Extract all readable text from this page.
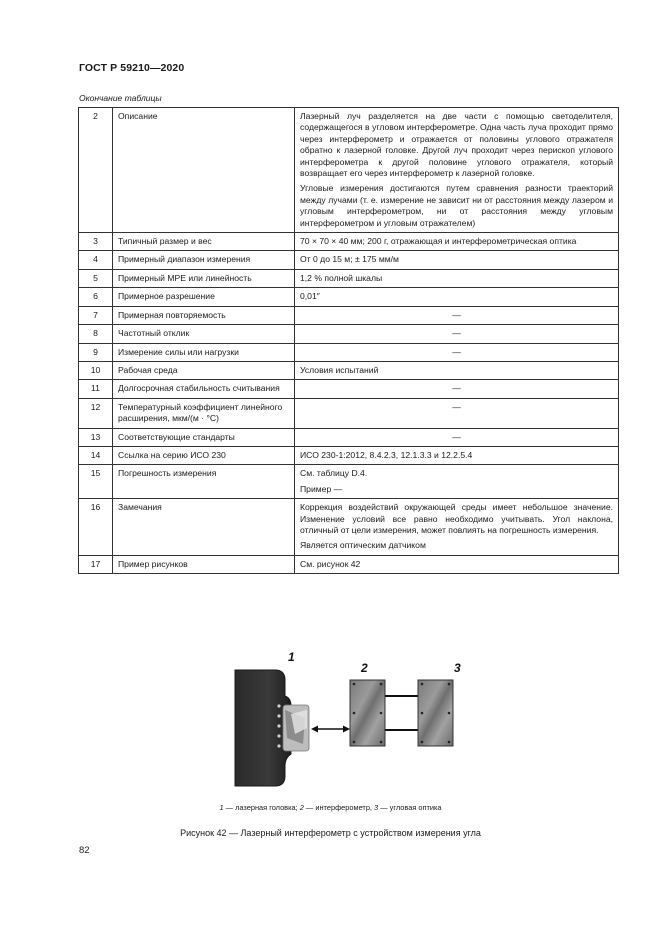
ГОСТ Р 59210—2020
Окончание таблицы
2	Описание	Лазерный луч разделяется на две части с помощью светоделителя, содержащегося в угловом интерферометре. Одна часть луча проходит прямо через интерферометр и отражается от половины углового отражателя обратно к лазерной головке. Другой луч проходит через перископ углового интерферометра к другой половине углового отражателя, который возвращает его через интерферометр к лазерной головке.

Угловые измерения достигаются путем сравнения разности траекторий между лучами (т. е. измерение не зависит ни от расстояния между лазером и угловым интерферометром, ни от расстояния между угловым интерферометром и угловым отражателем)

3	Типичный размер и вес	70 × 70 × 40 мм; 200 г, отражающая и интерферометрическая оптика
4	Примерный диапазон измерения	От 0 до 15 м; ± 175 мм/м
5	Примерный MPE или линейность	1,2 % полной шкалы
6	Примерное разрешение	0,01″
7	Примерная повторяемость	—
8	Частотный отклик	—
9	Измерение силы или нагрузки	—
10	Рабочая среда	Условия испытаний
11	Долгосрочная стабильность считывания	—
12	Температурный коэффициент линейного расширения, мкм/(м · °С)	—
13	Соответствующие стандарты	—
14	Ссылка на серию ИСО 230	ИСО 230-1:2012, 8.4.2.3, 12.1.3.3 и 12.2.5.4
15	Погрешность измерения	См. таблицу D.4.

Пример —

16	Замечания	Коррекция воздействий окружающей среды имеет небольшое значение. Изменение условий все равно необходимо учитывать. Угол наклона, отличный от цели измерения, может повлиять на погрешность измерения.

Является оптическим датчиком

17	Пример рисунков	См. рисунок 42
1
2	3
1 — лазерная головка; 2 — интерферометр, 3 — угловая оптика
Рисунок 42 — Лазерный интерферометр с устройством измерения угла
82
